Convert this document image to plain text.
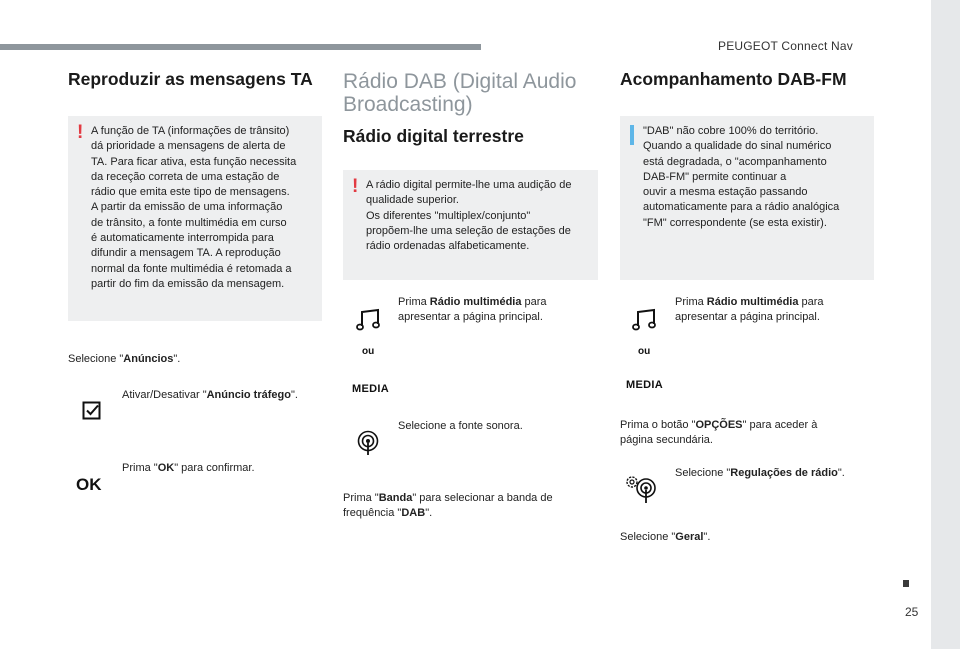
PEUGEOT Connect Nav
25
Reproduzir as mensagens TA
! A função de TA (informações de trânsito)
dá prioridade a mensagens de alerta de
TA. Para ficar ativa, esta função necessita
da receção correta de uma estação de
rádio que emita este tipo de mensagens.
A partir da emissão de uma informação
de trânsito, a fonte multimédia em curso
é automaticamente interrompida para
difundir a mensagem TA. A reprodução
normal da fonte multimédia é retomada a
partir do fim da emissão da mensagem.
Selecione "Anúncios".
Ativar/Desativar "Anúncio tráfego".
OK
Prima "OK" para confirmar.
Rádio DAB (Digital Audio
Broadcasting)
Rádio digital terrestre
! A rádio digital permite-lhe uma audição de
qualidade superior.
Os diferentes "multiplex/conjunto"
propõem-lhe uma seleção de estações de
rádio ordenadas alfabeticamente.
Prima Rádio multimédia para
apresentar a página principal.
ou
MEDIA
Selecione a fonte sonora.
Prima "Banda" para selecionar a banda de
frequência "DAB".
Acompanhamento DAB-FM
"DAB" não cobre 100% do território.
Quando a qualidade do sinal numérico
está degradada, o "acompanhamento
DAB-FM" permite continuar a
ouvir a mesma estação passando
automaticamente para a rádio analógica
"FM" correspondente (se esta existir).
Prima Rádio multimédia para
apresentar a página principal.
ou
MEDIA
Prima o botão "OPÇÕES" para aceder à
página secundária.
Selecione "Regulações de rádio".
Selecione "Geral".
